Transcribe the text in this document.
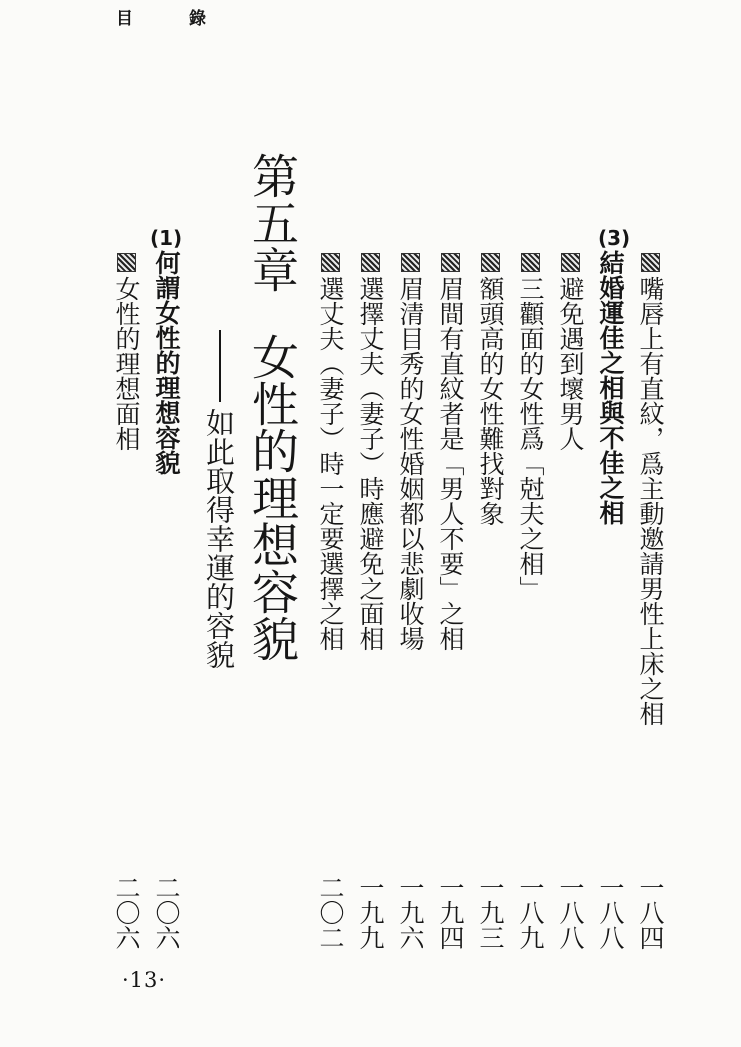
目	錄
(3)
(1)
嘴唇上有直紋，爲主動邀請男性上床之相
一八四
結婚運佳之相與不佳之相
一八八
避免遇到壞男人
一八八
三顴面的女性爲「尅夫之相」
一八九
額頭高的女性難找對象
一九三
眉間有直紋者是「男人不要」之相
一九四
眉清目秀的女性婚姻都以悲劇收場
一九六
選擇丈夫（妻子）時應避免之面相
一九九
選丈夫（妻子）時一定要選擇之相
二〇二
第五章女性的理想容貌
如此取得幸運的容貌
何謂女性的理想容貌
二〇六
女性的理想面相
二〇六
·13·
